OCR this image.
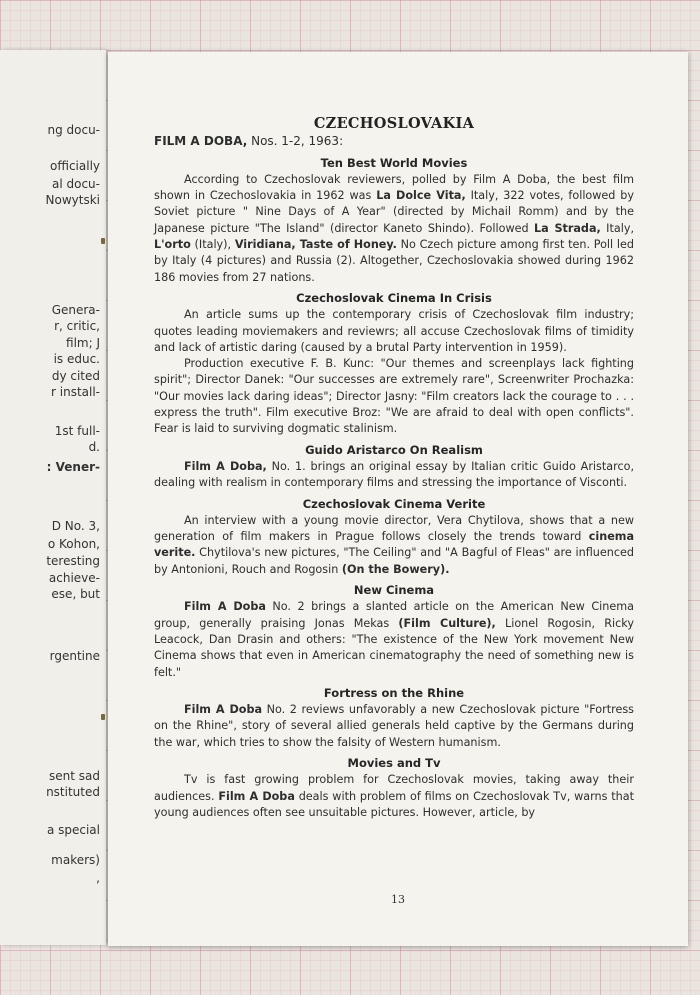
ng docu-
officially
al docu-
Nowytski
Genera-
r, critic,
film; J
is educ.
dy cited
r install-
1st full-
d.
: Vener-
D No. 3,
o Kohon,
teresting
achieve-
ese, but
rgentine
sent sad
nstituted
a special
makers)
,
CZECHOSLOVAKIA
FILM A DOBA, Nos. 1-2, 1963:
Ten Best World Movies

According to Czechoslovak reviewers, polled by Film A Doba, the best film shown in Czechoslovakia in 1962 was La Dolce Vita, Italy, 322 votes, followed by Soviet picture " Nine Days of A Year" (directed by Michail Romm) and by the Japanese picture "The Island" (director Kaneto Shindo). Followed La Strada, Italy, L'orto (Italy), Viridiana, Taste of Honey. No Czech picture among first ten. Poll led by Italy (4 pictures) and Russia (2). Altogether, Czechoslovakia showed during 1962 186 movies from 27 nations.

Czechoslovak Cinema In Crisis

An article sums up the contemporary crisis of Czechoslovak film industry; quotes leading moviemakers and reviewrs; all accuse Czechoslovak films of timidity and lack of artistic daring (caused by a brutal Party intervention in 1959).

Production executive F. B. Kunc: "Our themes and screenplays lack fighting spirit"; Director Danek: "Our successes are extremely rare", Screenwriter Prochazka: "Our movies lack daring ideas"; Director Jasny: "Film creators lack the courage to . . . express the truth". Film executive Broz: "We are afraid to deal with open conflicts". Fear is laid to surviving dogmatic stalinism.

Guido Aristarco On Realism

Film A Doba, No. 1. brings an original essay by Italian critic Guido Aristarco, dealing with realism in contemporary films and stressing the importance of Visconti.

Czechoslovak Cinema Verite

An interview with a young movie director, Vera Chytilova, shows that a new generation of film makers in Prague follows closely the trends toward cinema verite. Chytilova's new pictures, "The Ceiling" and "A Bagful of Fleas" are influenced by Antonioni, Rouch and Rogosin (On the Bowery).

New Cinema

Film A Doba No. 2 brings a slanted article on the American New Cinema group, generally praising Jonas Mekas (Film Culture), Lionel Rogosin, Ricky Leacock, Dan Drasin and others: "The existence of the New York movement New Cinema shows that even in American cinematography the need of something new is felt."

Fortress on the Rhine

Film A Doba No. 2 reviews unfavorably a new Czechoslovak picture "Fortress on the Rhine", story of several allied generals held captive by the Germans during the war, which tries to show the falsity of Western humanism.

Movies and Tv

Tv is fast growing problem for Czechoslovak movies, taking away their audiences. Film A Doba deals with problem of films on Czechoslovak Tv, warns that young audiences often see unsuitable pictures. However, article, by

13
